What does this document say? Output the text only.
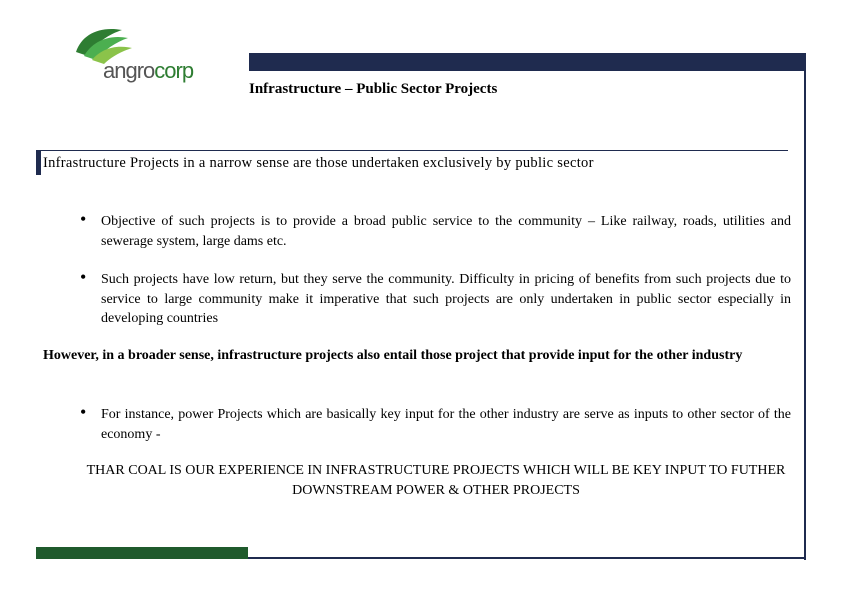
angrocorp
Infrastructure – Public Sector Projects
Infrastructure Projects in a narrow sense are those undertaken exclusively by public sector
• Objective of such projects is to provide a broad public service to the community – Like railway, roads, utilities and sewerage system, large dams etc.
• Such projects have low return, but they serve the community. Difficulty in pricing of benefits from such projects due to service to large community make it imperative that such projects are only undertaken in public sector especially in developing countries
However, in a broader sense, infrastructure projects also entail those project that provide input for the other industry
• For instance, power Projects which are basically key input for the other industry are serve as inputs to other sector of the economy -
THAR COAL IS OUR EXPERIENCE IN INFRASTRUCTURE PROJECTS WHICH WILL BE KEY INPUT TO FUTHER DOWNSTREAM POWER & OTHER PROJECTS
